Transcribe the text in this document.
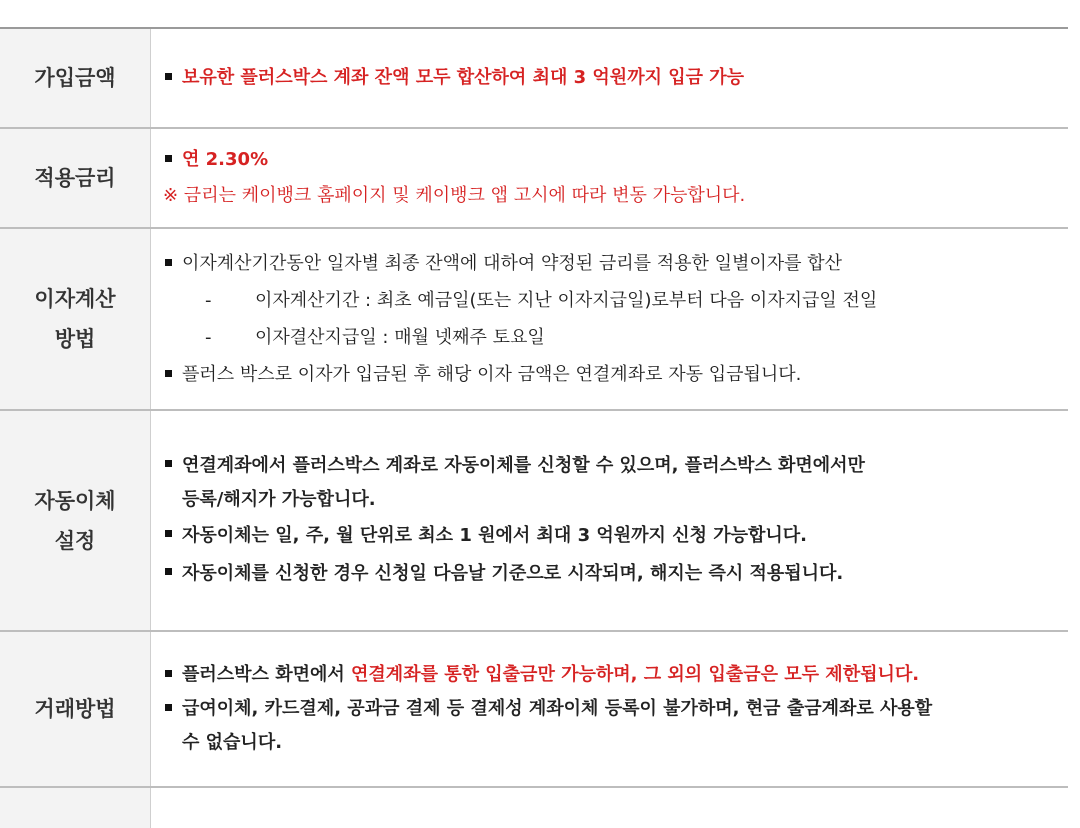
가입금액	보유한 플러스박스 계좌 잔액 모두 합산하여 최대 3 억원까지 입금 가능
적용금리
연 2.30%
※ 금리는 케이뱅크 홈페이지 및 케이뱅크 앱 고시에 따라 변동 가능합니다.
이자계산
방법
이자계산기간동안 일자별 최종 잔액에 대하여 약정된 금리를 적용한 일별이자를 합산
- 이자계산기간 : 최초 예금일(또는 지난 이자지급일)로부터 다음 이자지급일 전일
- 이자결산지급일 : 매월 넷째주 토요일
플러스 박스로 이자가 입금된 후 해당 이자 금액은 연결계좌로 자동 입금됩니다.
자동이체
설정
연결계좌에서 플러스박스 계좌로 자동이체를 신청할 수 있으며, 플러스박스 화면에서만
등록/해지가 가능합니다.
자동이체는 일, 주, 월 단위로 최소 1 원에서 최대 3 억원까지 신청 가능합니다.
자동이체를 신청한 경우 신청일 다음날 기준으로 시작되며, 해지는 즉시 적용됩니다.
거래방법
플러스박스 화면에서 연결계좌를 통한 입출금만 가능하며, 그 외의 입출금은 모두 제한됩니다.
급여이체, 카드결제, 공과금 결제 등 결제성 계좌이체 등록이 불가하며, 현금 출금계좌로 사용할
수 없습니다.
